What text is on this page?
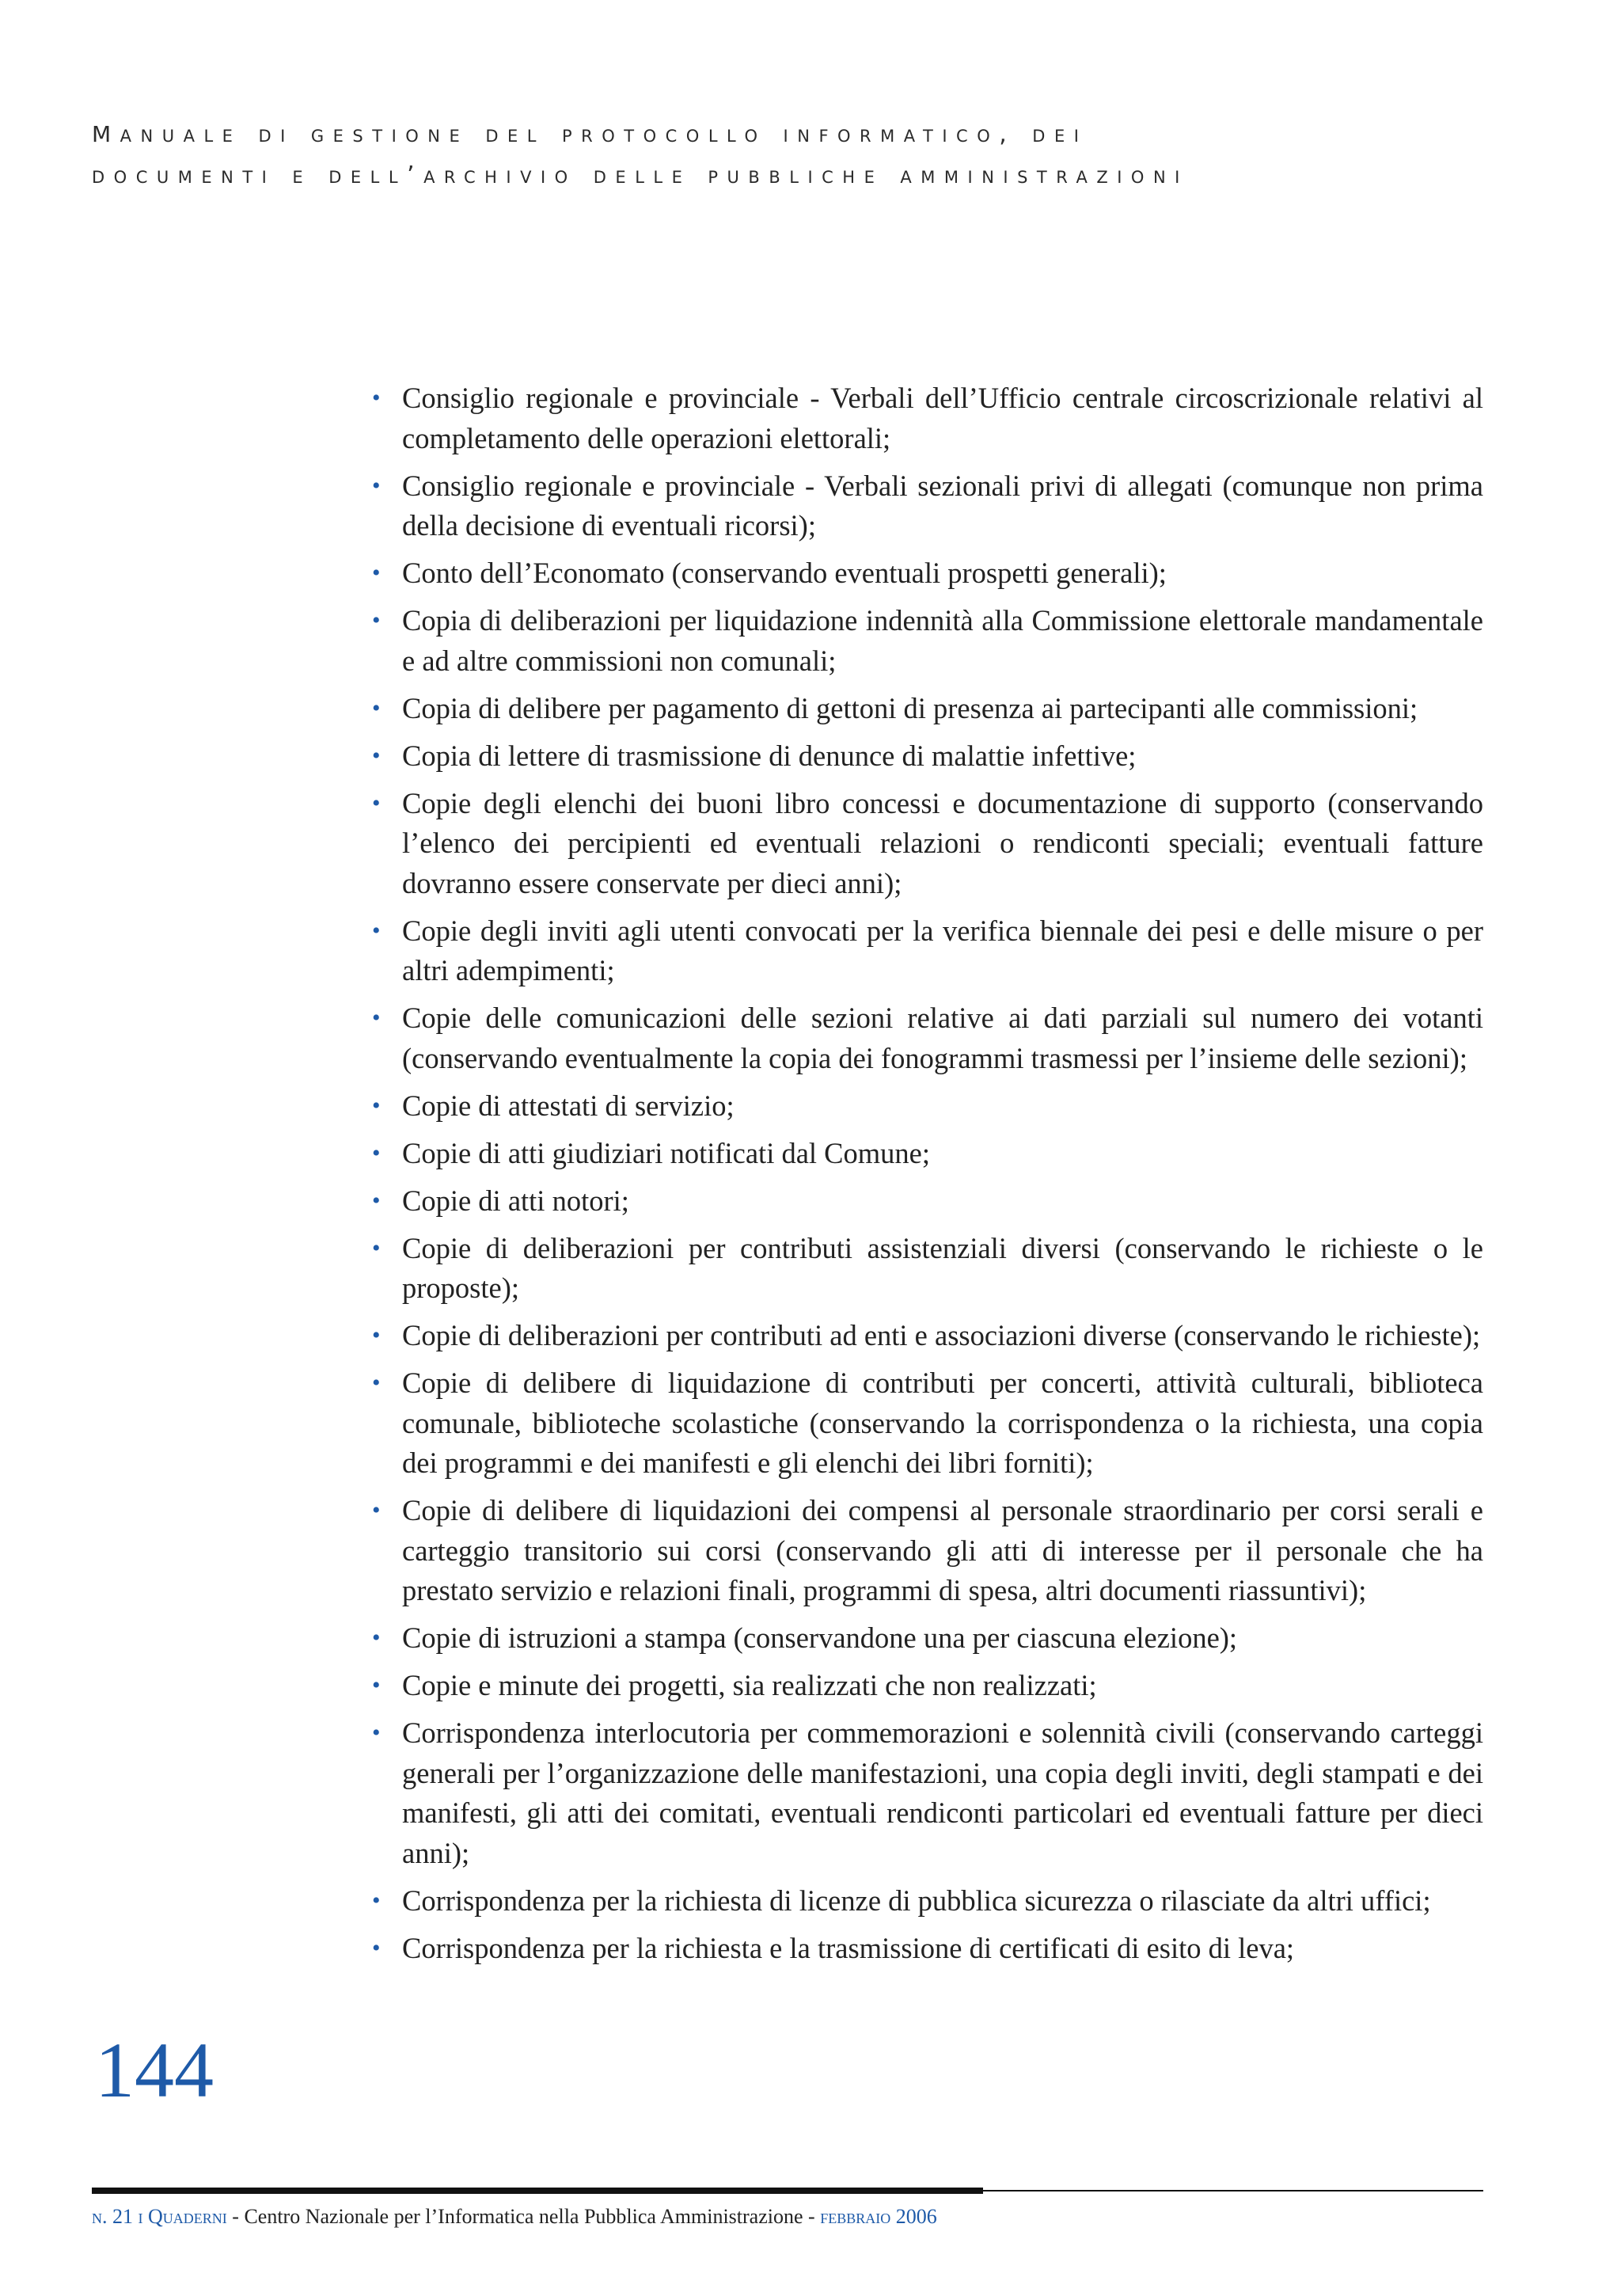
manuale di gestione del protocollo informatico, dei
documenti e dell’archivio delle pubbliche amministrazioni
• Consiglio regionale e provinciale - Verbali dell’Ufficio centrale circoscrizionale relativi al completamento delle operazioni elettorali;
• Consiglio regionale e provinciale - Verbali sezionali privi di allegati (comunque non prima della decisione di eventuali ricorsi);
• Conto dell’Economato (conservando eventuali prospetti generali);
• Copia di deliberazioni per liquidazione indennità alla Commissione elettorale mandamentale e ad altre commissioni non comunali;
• Copia di delibere per pagamento di gettoni di presenza ai partecipanti alle commissioni;
• Copia di lettere di trasmissione di denunce di malattie infettive;
• Copie degli elenchi dei buoni libro concessi e documentazione di supporto (conservando l’elenco dei percipienti ed eventuali relazioni o rendiconti speciali; eventuali fatture dovranno essere conservate per dieci anni);
• Copie degli inviti agli utenti convocati per la verifica biennale dei pesi e delle misure o per altri adempimenti;
• Copie delle comunicazioni delle sezioni relative ai dati parziali sul numero dei votanti (conservando eventualmente la copia dei fonogrammi trasmessi per l’insieme delle sezioni);
• Copie di attestati di servizio;
• Copie di atti giudiziari notificati dal Comune;
• Copie di atti notori;
• Copie di deliberazioni per contributi assistenziali diversi (conservando le richieste o le proposte);
• Copie di deliberazioni per contributi ad enti e associazioni diverse (conservando le richieste);
• Copie di delibere di liquidazione di contributi per concerti, attività culturali, biblioteca comunale, biblioteche scolastiche (conservando la corrispondenza o la richiesta, una copia dei programmi e dei manifesti e gli elenchi dei libri forniti);
• Copie di delibere di liquidazioni dei compensi al personale straordinario per corsi serali e carteggio transitorio sui corsi (conservando gli atti di interesse per il personale che ha prestato servizio e relazioni finali, programmi di spesa, altri documenti riassuntivi);
• Copie di istruzioni a stampa (conservandone una per ciascuna elezione);
• Copie e minute dei progetti, sia realizzati che non realizzati;
• Corrispondenza interlocutoria per commemorazioni e solennità civili (conservando carteggi generali per l’organizzazione delle manifestazioni, una copia degli inviti, degli stampati e dei manifesti, gli atti dei comitati, eventuali rendiconti particolari ed eventuali fatture per dieci anni);
• Corrispondenza per la richiesta di licenze di pubblica sicurezza o rilasciate da altri uffici;
• Corrispondenza per la richiesta e la trasmissione di certificati di esito di leva;
144
n. 21 i Quaderni - Centro Nazionale per l’Informatica nella Pubblica Amministrazione - febbraio 2006
